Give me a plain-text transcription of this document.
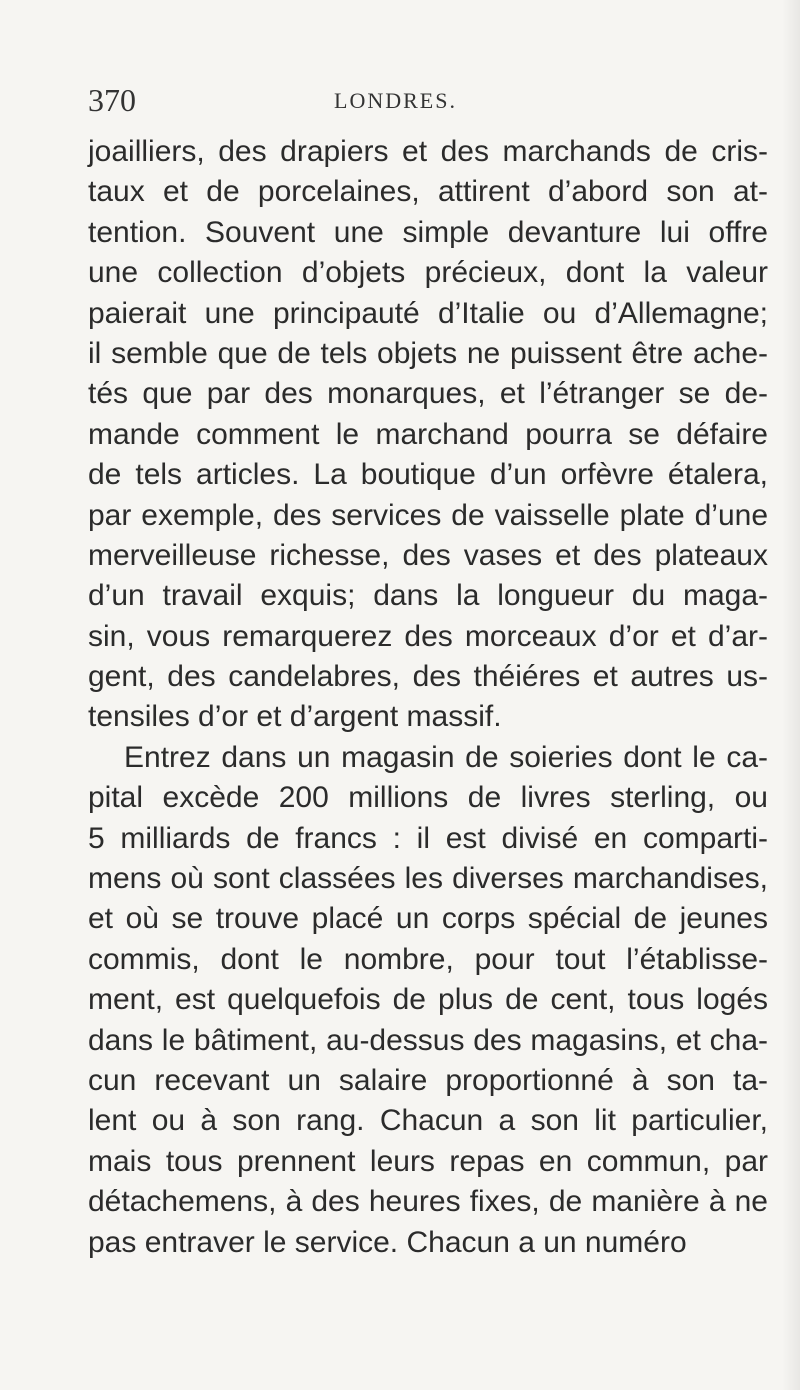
370	LONDRES.
joailliers, des drapiers et des marchands de cris-
taux et de porcelaines, attirent d’abord son at-
tention. Souvent une simple devanture lui offre
une collection d’objets précieux, dont la valeur
paierait une principauté d’Italie ou d’Allemagne;
il semble que de tels objets ne puissent être ache-
tés que par des monarques, et l’étranger se de-
mande comment le marchand pourra se défaire
de tels articles. La boutique d’un orfèvre étalera,
par exemple, des services de vaisselle plate d’une
merveilleuse richesse, des vases et des plateaux
d’un travail exquis; dans la longueur du maga-
sin, vous remarquerez des morceaux d’or et d’ar-
gent, des candelabres, des théiéres et autres us-
tensiles d’or et d’argent massif.
Entrez dans un magasin de soieries dont le ca-
pital excède 200 millions de livres sterling, ou
5 milliards de francs : il est divisé en comparti-
mens où sont classées les diverses marchandises,
et où se trouve placé un corps spécial de jeunes
commis, dont le nombre, pour tout l’établisse-
ment, est quelquefois de plus de cent, tous logés
dans le bâtiment, au-dessus des magasins, et cha-
cun recevant un salaire proportionné à son ta-
lent ou à son rang. Chacun a son lit particulier,
mais tous prennent leurs repas en commun, par
détachemens, à des heures fixes, de manière à ne
pas entraver le service. Chacun a un numéro
